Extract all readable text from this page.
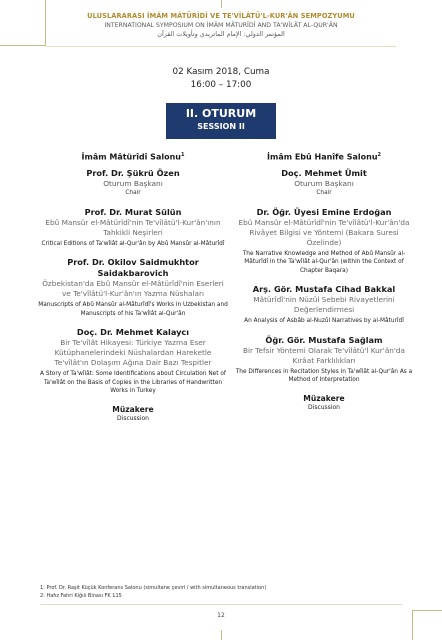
ULUSLARARASI İMÂM MÂTÜRÎDÎ VE TE'VÎLÂTÜ'L-KUR'ÂN SEMPOZYUMU
INTERNATIONAL SYMPOSIUM ON İMÂM MÂTURÎDÎ AND TA'WÎLÂT AL-QUR'ÂN
المؤتمر الدولي: الإمام الماتريدي وتأويلات القرآن
02 Kasım 2018, Cuma
16:00 – 17:00
II. OTURUM
SESSION II
İmâm Mâtürîdî Salonu$^1$
Prof. Dr. Şükrü Özen
Oturum Başkanı
Chair
Prof. Dr. Murat Sülün
Ebû Mansûr el-Mâtürîdî'nin Te'vîlâtü'l-Kur'ân'ının Tahkikli Neşirleri
Critical Editions of Ta'wîlât al-Qur'ân by Abû Mansûr al-Mâturîdî
Prof. Dr. Okilov Saidmukhtor Saidakbarovich
Özbekistan'da Ebû Mansûr el-Mâtürîdî'nin Eserleri ve Te'vîlâtü'l-Kur'ân'ın Yazma Nüshaları
Manuscripts of Abû Mansûr al-Mâturîdî's Works in Uzbekistan and Manuscripts of his Ta'wîlât al-Qur'ân
Doç. Dr. Mehmet Kalaycı
Bir Te'vîlât Hikayesi: Türkiye Yazma Eser Kütüphanelerindeki Nüshalardan Hareketle Te'vîlât'ın Dolaşım Ağına Dair Bazı Tespitler
A Story of Ta'wîlât: Some Identifications about Circulation Net of Ta'wîlât on the Basis of Copies in the Libraries of Handwritten Works in Turkey
Müzakere
Discussion
İmâm Ebû Hanîfe Salonu$^2$
Doç. Mehmet Ümit
Oturum Başkanı
Chair
Dr. Öğr. Üyesi Emine Erdoğan
Ebû Mansûr el-Mâtürîdî'nin Te'vîlâtü'l-Kur'ân'da Rivâyet Bilgisi ve Yöntemi (Bakara Suresi Özelinde)
The Narrative Knowledge and Method of Abû Mansûr al-Mâturîdî in the Ta'wîlât al-Qur'ân (within the Context of Chapter Baqara)
Arş. Gör. Mustafa Cihad Bakkal
Mâtürîdî'nin Nüzûl Sebebi Rivayetlerini Değerlendirmesi
An Analysis of Asbâb al-Nuzûl Narratives by al-Mâturîdî
Öğr. Gör. Mustafa Sağlam
Bir Tefsir Yöntemi Olarak Te'vîlâtü'l Kur'ân'da Kırâat Farklılıkları
The Differences in Recitation Styles in Ta'wîlât al-Qur'ân As a Method of Interpretation
Müzakere
Discussion
1: Prof. Dr. Raşit Küçük Konferans Salonu (simultane çeviri / with simultaneous translation)
2: Hafız Fahri Kiğılı Binası FK 115
12
